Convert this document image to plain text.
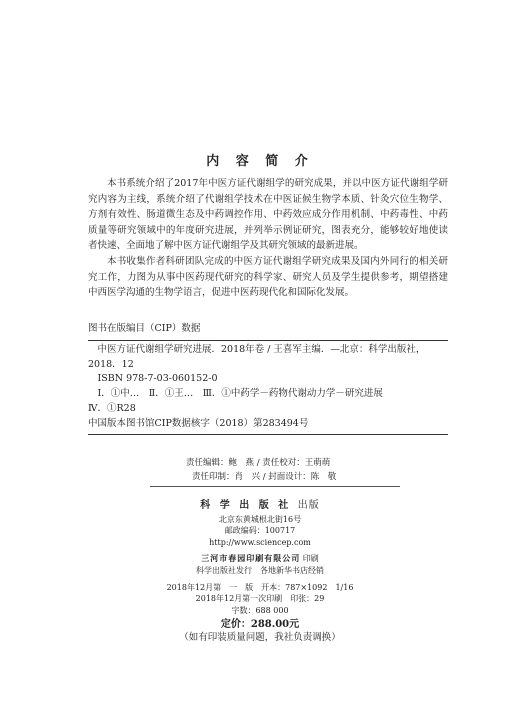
内 容 简 介

本书系统介绍了2017年中医方证代谢组学的研究成果，并以中医方证代谢组学研究内容为主线，系统介绍了代谢组学技术在中医证候生物学本质、针灸穴位生物学、方剂有效性、肠道微生态及中药调控作用、中药效应成分作用机制、中药毒性、中药质量等研究领域中的年度研究进展，并列举示例证研究，图表充分，能够较好地使读者快速、全面地了解中医方证代谢组学及其研究领域的最新进展。

本书收集作者科研团队完成的中医方证代谢组学研究成果及国内外同行的相关研究工作，力图为从事中医药现代研究的科学家、研究人员及学生提供参考，期望搭建中西医学沟通的生物学语言，促进中医药现代化和国际化发展。

图书在版编目（CIP）数据
中医方证代谢组学研究进展．2018年卷 / 王喜军主编．—北京：科学出版社，2018．12
ISBN 978-7-03-060152-0
Ⅰ．①中…　Ⅱ．①王…　Ⅲ．①中药学－药物代谢动力学－研究进展
Ⅳ．①R28
中国版本图书馆CIP数据核字（2018）第283494号
责任编辑：鲍　燕 / 责任校对：王萌萌
责任印制：肖　兴 / 封面设计：陈　敬
科 学 出 版 社 出版
北京东黄城根北街16号
邮政编码：100717
http://www.sciencep.com
三河市春园印刷有限公司 印刷
科学出版社发行　各地新华书店经销
2018年12月第　一　版　开本：787×1092　1/16
2018年12月第一次印刷　印张：29
字数：688 000
定价：288.00元
（如有印装质量问题，我社负责调换）
